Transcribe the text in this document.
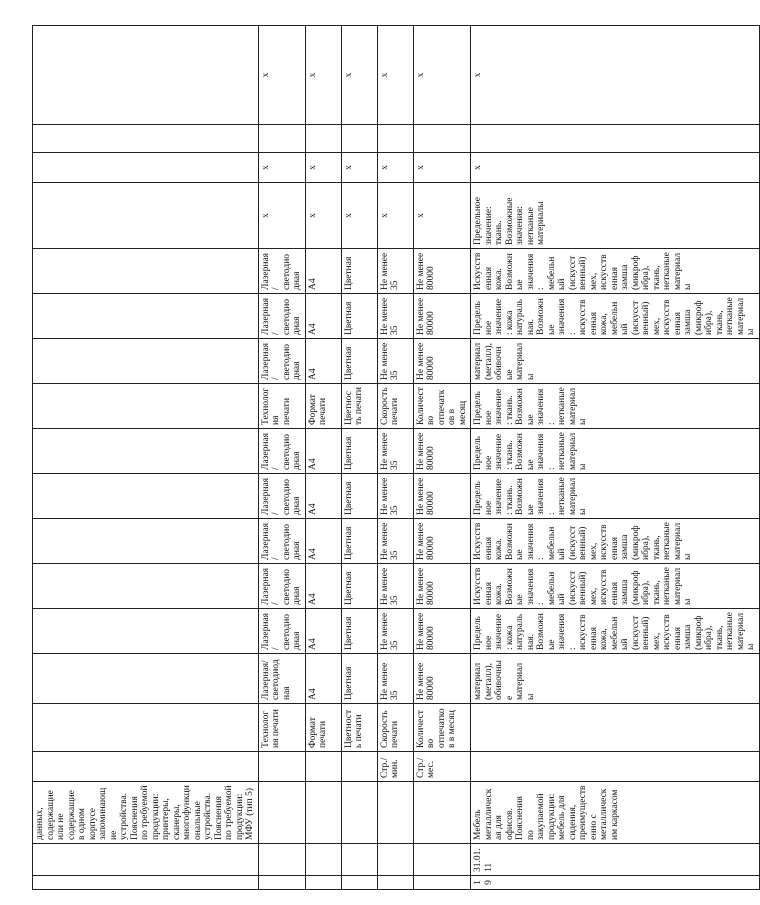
		данных, содержащие или не содержащие в одном корпусе запоминающие устройства. Пояснения по требуемой продукции: принтеры, сканеры, многофункциональные устройства. Пояснения по требуемой продукции: МФУ (тип 5)																
				Технология печати	Лазерная/светодиодная	Лазерная/светодиодная	Лазерная/светодиодная	Лазерная/светодиодная	Лазерная/светодиодная	Лазерная/светодиодная	Технология печати	Лазерная/светодиодная	Лазерная/светодиодная	Лазерная/светодиодная	x	x		x
				Формат печати	А4	А4	А4	А4	А4	А4	Формат печати	А4	А4	А4	x	x		x
				Цветность печати	Цветная	Цветная	Цветная	Цветная	Цветная	Цветная	Цветность печати	Цветная	Цветная	Цветная	x	x		x
			Стр./мин.	Скорость печати	Не менее 35	Не менее 35	Не менее 35	Не менее 35	Не менее 35	Не менее 35	Скорость печати	Не менее 35	Не менее 35	Не менее 35	x	x		x
			Стр./мес.	Количество отпечатков в месяц	Не менее 80000	Не менее 80000	Не менее 80000	Не менее 80000	Не менее 80000	Не менее 80000	Количество отпечатков в месяц	Не менее 80000	Не менее 80000	Не менее 80000	x	x		x
19	31.01.11	Мебель металлическая для офисов. Пояснения по закупаемой продукции: мебель для сидения, преимущественно с металлическим каркасом			материал (металл), обивочные материалы	Предельное значение: кожа натуральная. Возможные значения: искусственная кожа, мебельный (искусственный) мех, искусственная замша (микрофибра), ткань, нетканые материалы	Искусственная кожа. Возможные значения: мебельный (искусственный) мех, искусственная замша (микрофибра), ткань, нетканые материалы	Искусственная кожа. Возможные значения: мебельный (искусственный) мех, искусственная замша (микрофибра), ткань, нетканые материалы	Предельное значение: ткань. Возможные значения: нетканые материалы	Предельное значение: ткань. Возможные значения: нетканые материалы	Предельное значение: ткань. Возможные значения: нетканые материалы	материал (металл), обивочные материалы	Предельное значение: кожа натуральная. Возможные значения: искусственная кожа, мебельный (искусственный) мех, искусственная замша (микрофибра), ткань, нетканые материалы	Искусственная кожа. Возможные значения: мебельный (искусственный) мех, искусственная замша (микрофибра), ткань, нетканые материалы	Предельное значение: ткань. Возможные значения: нетканые материалы	x		x
